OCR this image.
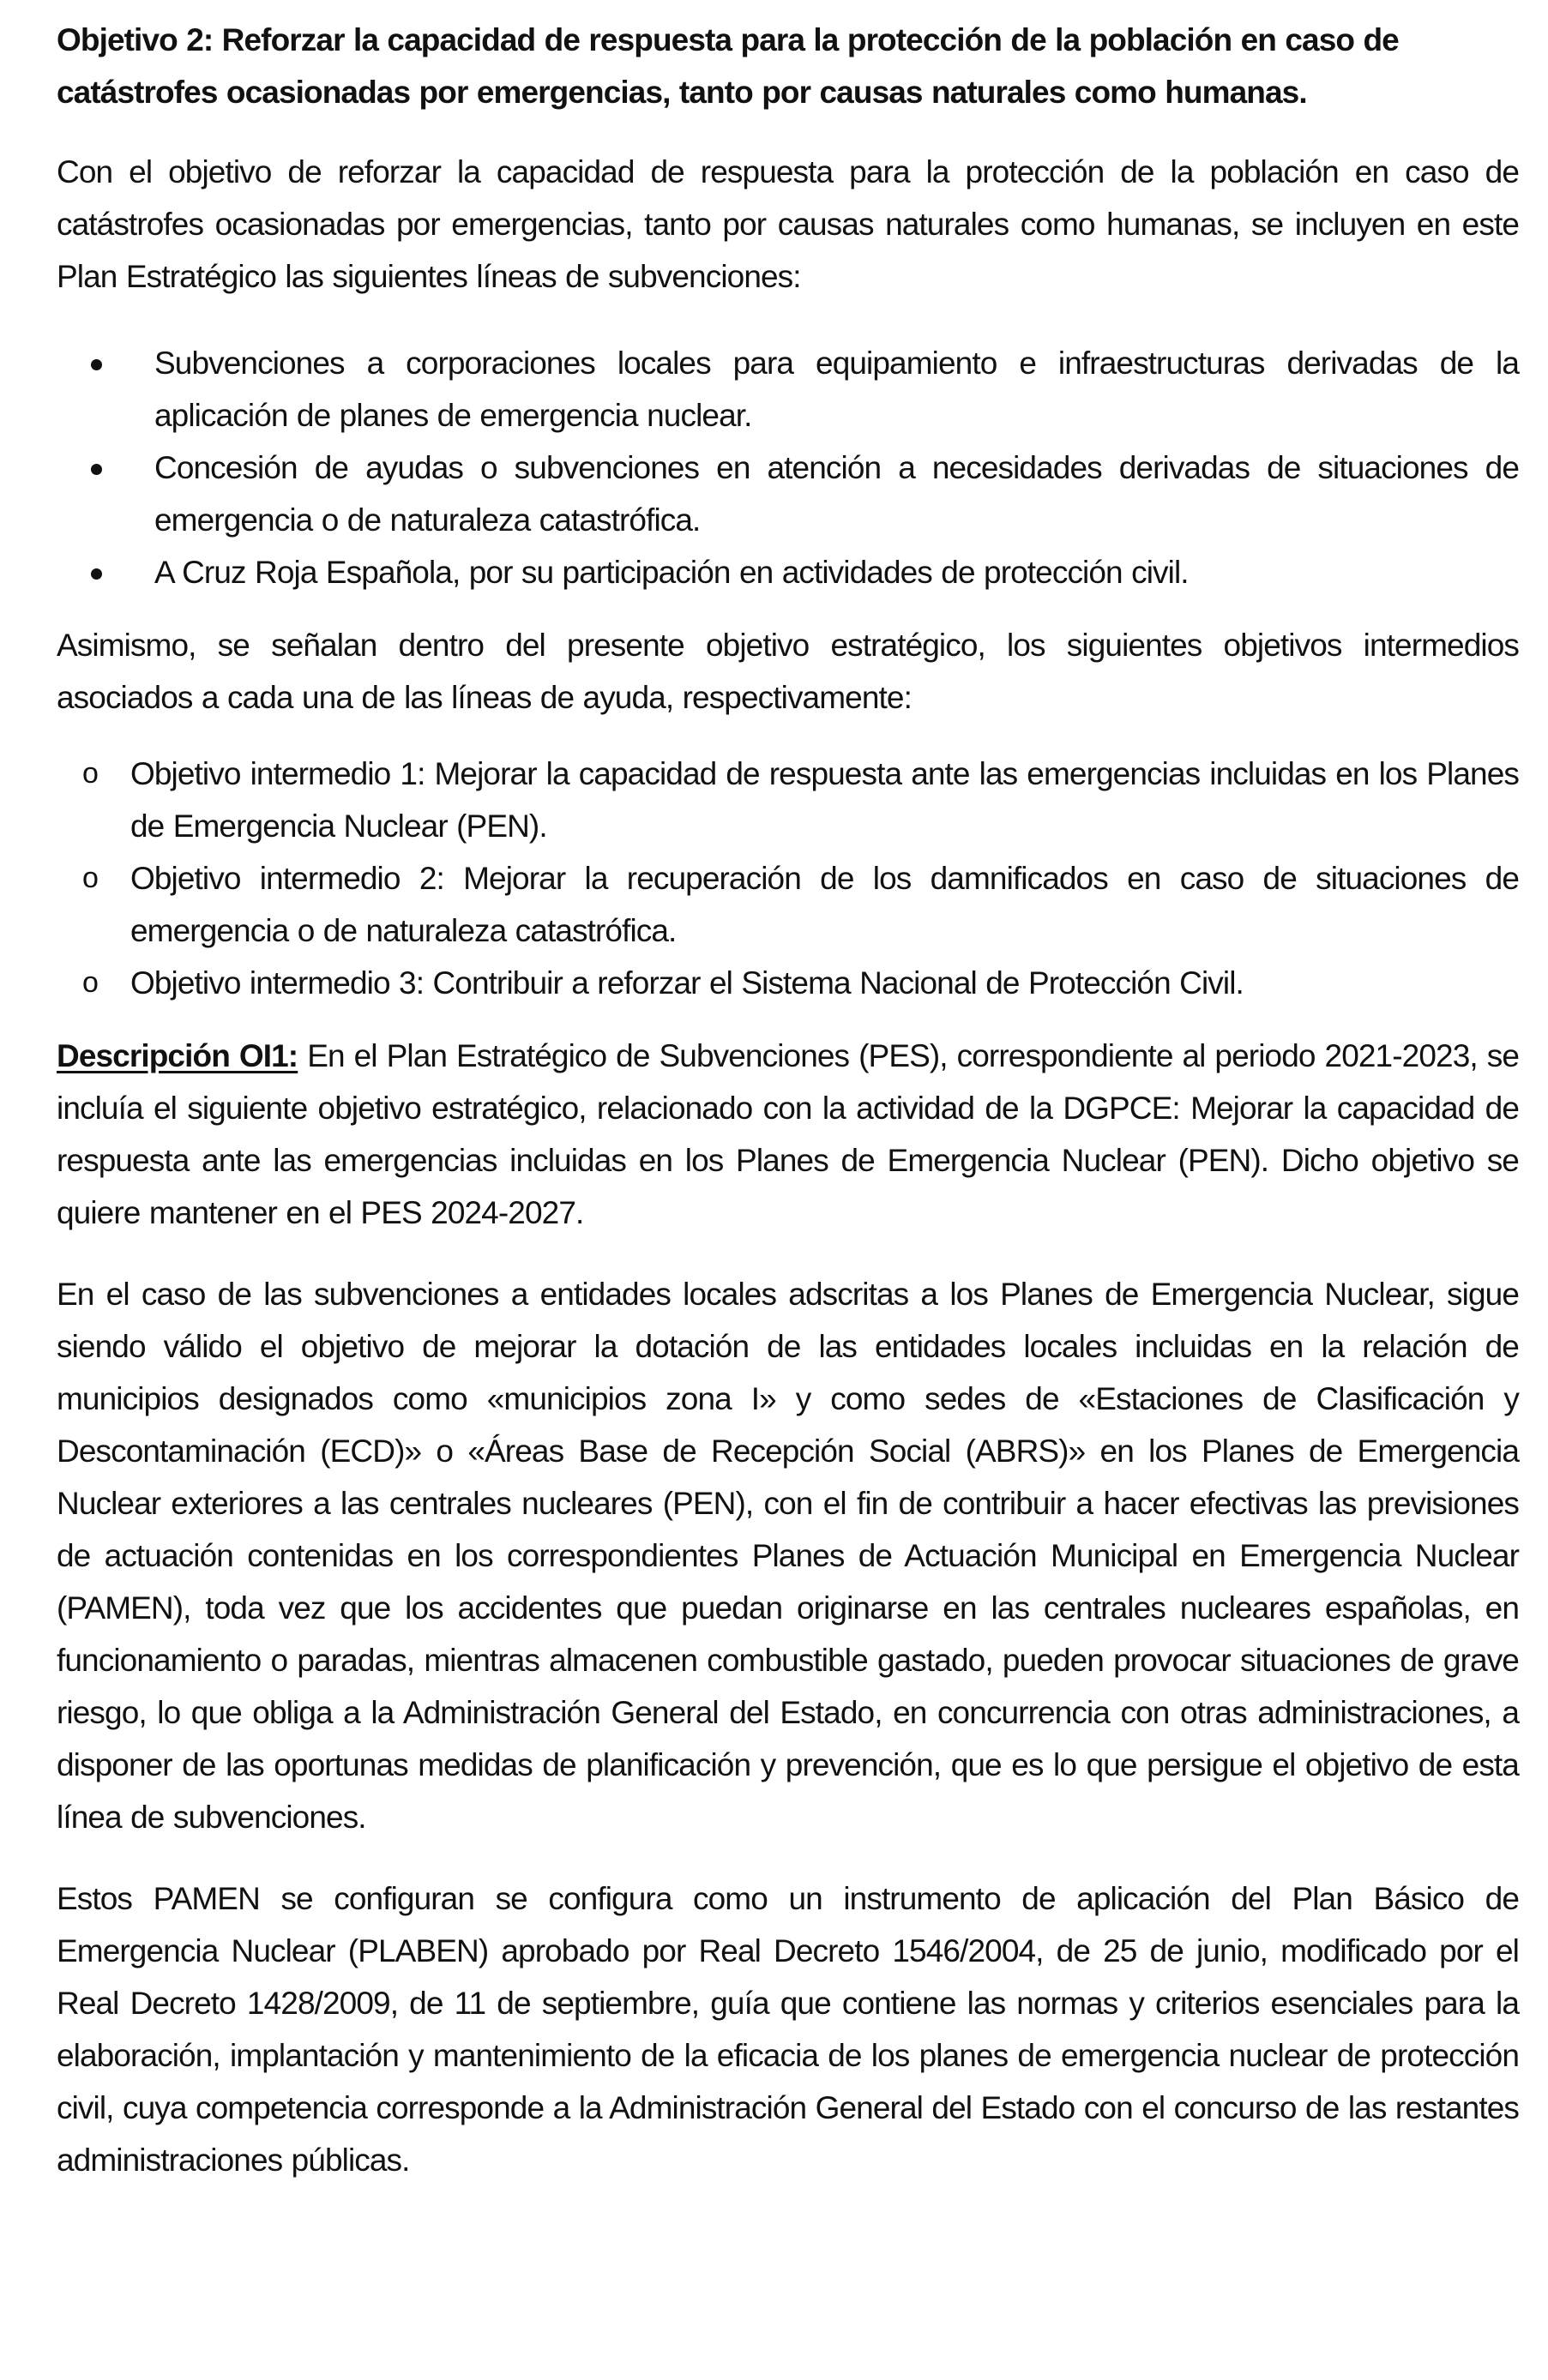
Objetivo 2: Reforzar la capacidad de respuesta para la protección de la población en caso de catástrofes ocasionadas por emergencias, tanto por causas naturales como humanas.

Con el objetivo de reforzar la capacidad de respuesta para la protección de la población en caso de catástrofes ocasionadas por emergencias, tanto por causas naturales como humanas, se incluyen en este Plan Estratégico las siguientes líneas de subvenciones:

Subvenciones a corporaciones locales para equipamiento e infraestructuras derivadas de la aplicación de planes de emergencia nuclear.
Concesión de ayudas o subvenciones en atención a necesidades derivadas de situaciones de emergencia o de naturaleza catastrófica.
A Cruz Roja Española, por su participación en actividades de protección civil.

Asimismo, se señalan dentro del presente objetivo estratégico, los siguientes objetivos intermedios asociados a cada una de las líneas de ayuda, respectivamente:

o Objetivo intermedio 1: Mejorar la capacidad de respuesta ante las emergencias incluidas en los Planes de Emergencia Nuclear (PEN).
o Objetivo intermedio 2: Mejorar la recuperación de los damnificados en caso de situaciones de emergencia o de naturaleza catastrófica.
o Objetivo intermedio 3: Contribuir a reforzar el Sistema Nacional de Protección Civil.

Descripción OI1: En el Plan Estratégico de Subvenciones (PES), correspondiente al periodo 2021-2023, se incluía el siguiente objetivo estratégico, relacionado con la actividad de la DGPCE: Mejorar la capacidad de respuesta ante las emergencias incluidas en los Planes de Emergencia Nuclear (PEN). Dicho objetivo se quiere mantener en el PES 2024-2027.

En el caso de las subvenciones a entidades locales adscritas a los Planes de Emergencia Nuclear, sigue siendo válido el objetivo de mejorar la dotación de las entidades locales incluidas en la relación de municipios designados como «municipios zona I» y como sedes de «Estaciones de Clasificación y Descontaminación (ECD)» o «Áreas Base de Recepción Social (ABRS)» en los Planes de Emergencia Nuclear exteriores a las centrales nucleares (PEN), con el fin de contribuir a hacer efectivas las previsiones de actuación contenidas en los correspondientes Planes de Actuación Municipal en Emergencia Nuclear (PAMEN), toda vez que los accidentes que puedan originarse en las centrales nucleares españolas, en funcionamiento o paradas, mientras almacenen combustible gastado, pueden provocar situaciones de grave riesgo, lo que obliga a la Administración General del Estado, en concurrencia con otras administraciones, a disponer de las oportunas medidas de planificación y prevención, que es lo que persigue el objetivo de esta línea de subvenciones.

Estos PAMEN se configuran se configura como un instrumento de aplicación del Plan Básico de Emergencia Nuclear (PLABEN) aprobado por Real Decreto 1546/2004, de 25 de junio, modificado por el Real Decreto 1428/2009, de 11 de septiembre, guía que contiene las normas y criterios esenciales para la elaboración, implantación y mantenimiento de la eficacia de los planes de emergencia nuclear de protección civil, cuya competencia corresponde a la Administración General del Estado con el concurso de las restantes administraciones públicas.
